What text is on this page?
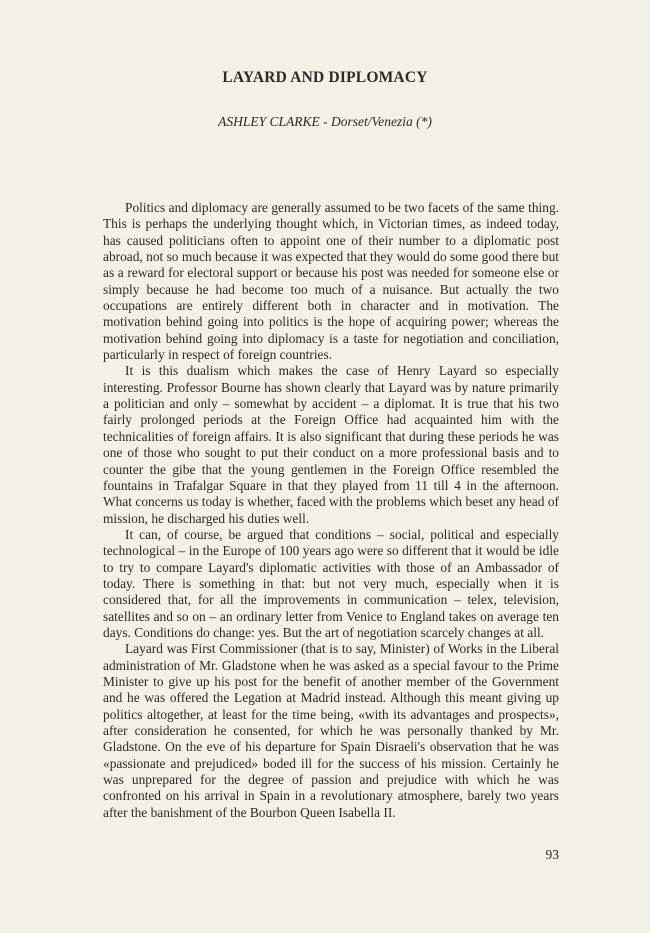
LAYARD AND DIPLOMACY

ASHLEY CLARKE - Dorset/Venezia (*)

Politics and diplomacy are generally assumed to be two facets of the same thing. This is perhaps the underlying thought which, in Victorian times, as indeed today, has caused politicians often to appoint one of their number to a diplomatic post abroad, not so much because it was expected that they would do some good there but as a reward for electoral support or because his post was needed for someone else or simply because he had become too much of a nuisance. But actually the two occupations are entirely different both in character and in motivation. The motivation behind going into politics is the hope of acquiring power; whereas the motivation behind going into diplomacy is a taste for negotiation and conciliation, particularly in respect of foreign countries.

It is this dualism which makes the case of Henry Layard so especially interesting. Professor Bourne has shown clearly that Layard was by nature primarily a politician and only – somewhat by accident – a diplomat. It is true that his two fairly prolonged periods at the Foreign Office had acquainted him with the technicalities of foreign affairs. It is also significant that during these periods he was one of those who sought to put their conduct on a more professional basis and to counter the gibe that the young gentlemen in the Foreign Office resembled the fountains in Trafalgar Square in that they played from 11 till 4 in the afternoon. What concerns us today is whether, faced with the problems which beset any head of mission, he discharged his duties well.

It can, of course, be argued that conditions – social, political and especially technological – in the Europe of 100 years ago were so different that it would be idle to try to compare Layard's diplomatic activities with those of an Ambassador of today. There is something in that: but not very much, especially when it is considered that, for all the improvements in communication – telex, television, satellites and so on – an ordinary letter from Venice to England takes on average ten days. Conditions do change: yes. But the art of negotiation scarcely changes at all.

Layard was First Commissioner (that is to say, Minister) of Works in the Liberal administration of Mr. Gladstone when he was asked as a special favour to the Prime Minister to give up his post for the benefit of another member of the Government and he was offered the Legation at Madrid instead. Although this meant giving up politics altogether, at least for the time being, «with its advantages and prospects», after consideration he consented, for which he was personally thanked by Mr. Gladstone. On the eve of his departure for Spain Disraeli's observation that he was «passionate and prejudiced» boded ill for the success of his mission. Certainly he was unprepared for the degree of passion and prejudice with which he was confronted on his arrival in Spain in a revolutionary atmosphere, barely two years after the banishment of the Bourbon Queen Isabella II.

93
